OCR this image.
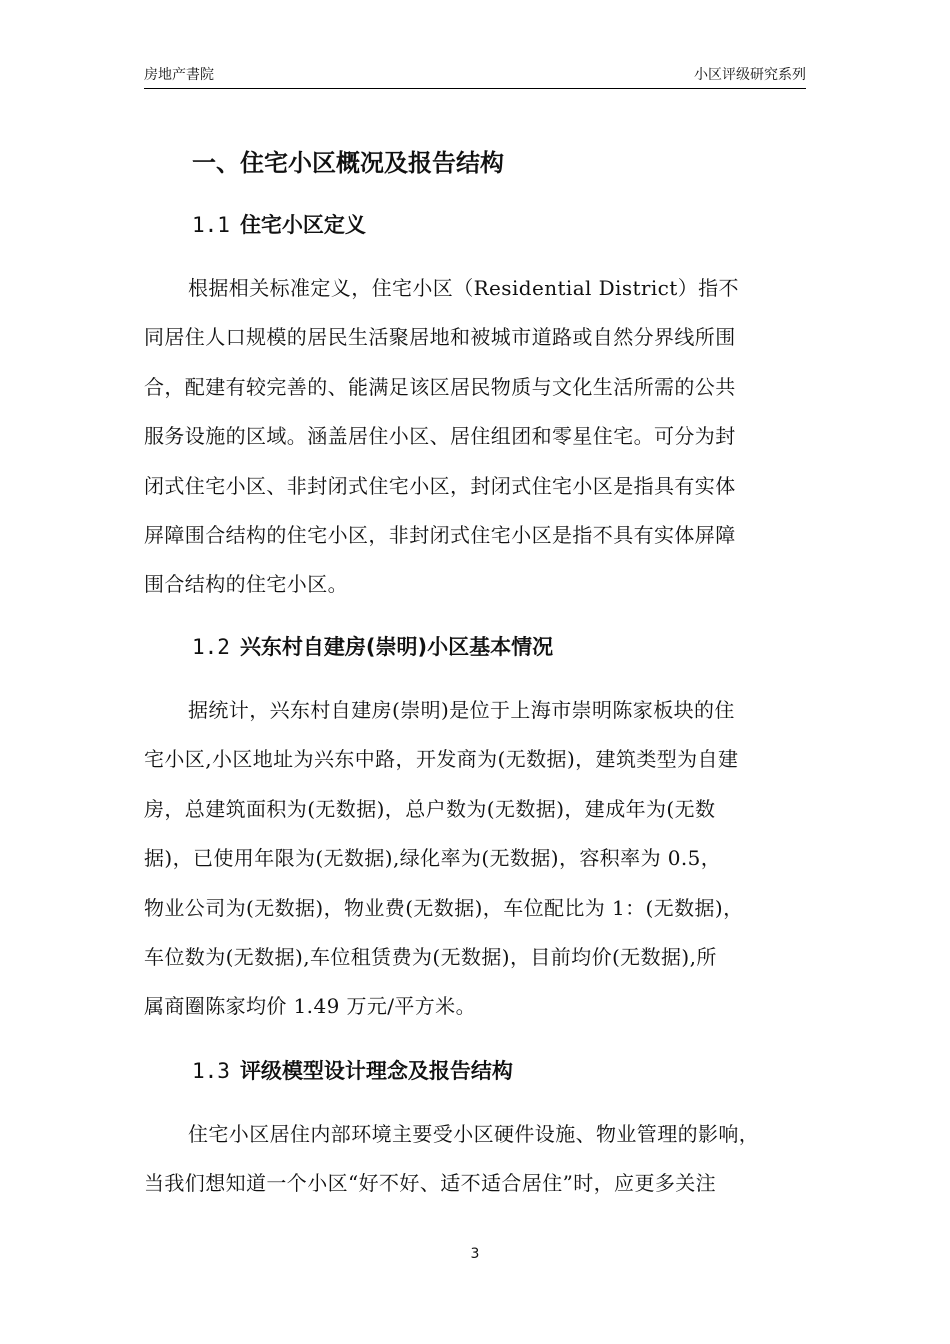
房地产書院	小区评级研究系列
一、住宅小区概况及报告结构
1.1 住宅小区定义
根据相关标准定义，住宅小区（Residential District）指不
同居住人口规模的居民生活聚居地和被城市道路或自然分界线所围
合，配建有较完善的、能满足该区居民物质与文化生活所需的公共
服务设施的区域。涵盖居住小区、居住组团和零星住宅。可分为封
闭式住宅小区、非封闭式住宅小区，封闭式住宅小区是指具有实体
屏障围合结构的住宅小区，非封闭式住宅小区是指不具有实体屏障
围合结构的住宅小区。
1.2 兴东村自建房(崇明)小区基本情况
据统计，兴东村自建房(崇明)是位于上海市崇明陈家板块的住
宅小区,小区地址为兴东中路，开发商为(无数据)，建筑类型为自建
房，总建筑面积为(无数据)，总户数为(无数据)，建成年为(无数
据)，已使用年限为(无数据),绿化率为(无数据)，容积率为 0.5，
物业公司为(无数据)，物业费(无数据)，车位配比为 1：(无数据)，
车位数为(无数据),车位租赁费为(无数据)，目前均价(无数据),所
属商圈陈家均价 1.49 万元/平方米。
1.3 评级模型设计理念及报告结构
住宅小区居住内部环境主要受小区硬件设施、物业管理的影响，
当我们想知道一个小区“好不好、适不适合居住”时，应更多关注
3
